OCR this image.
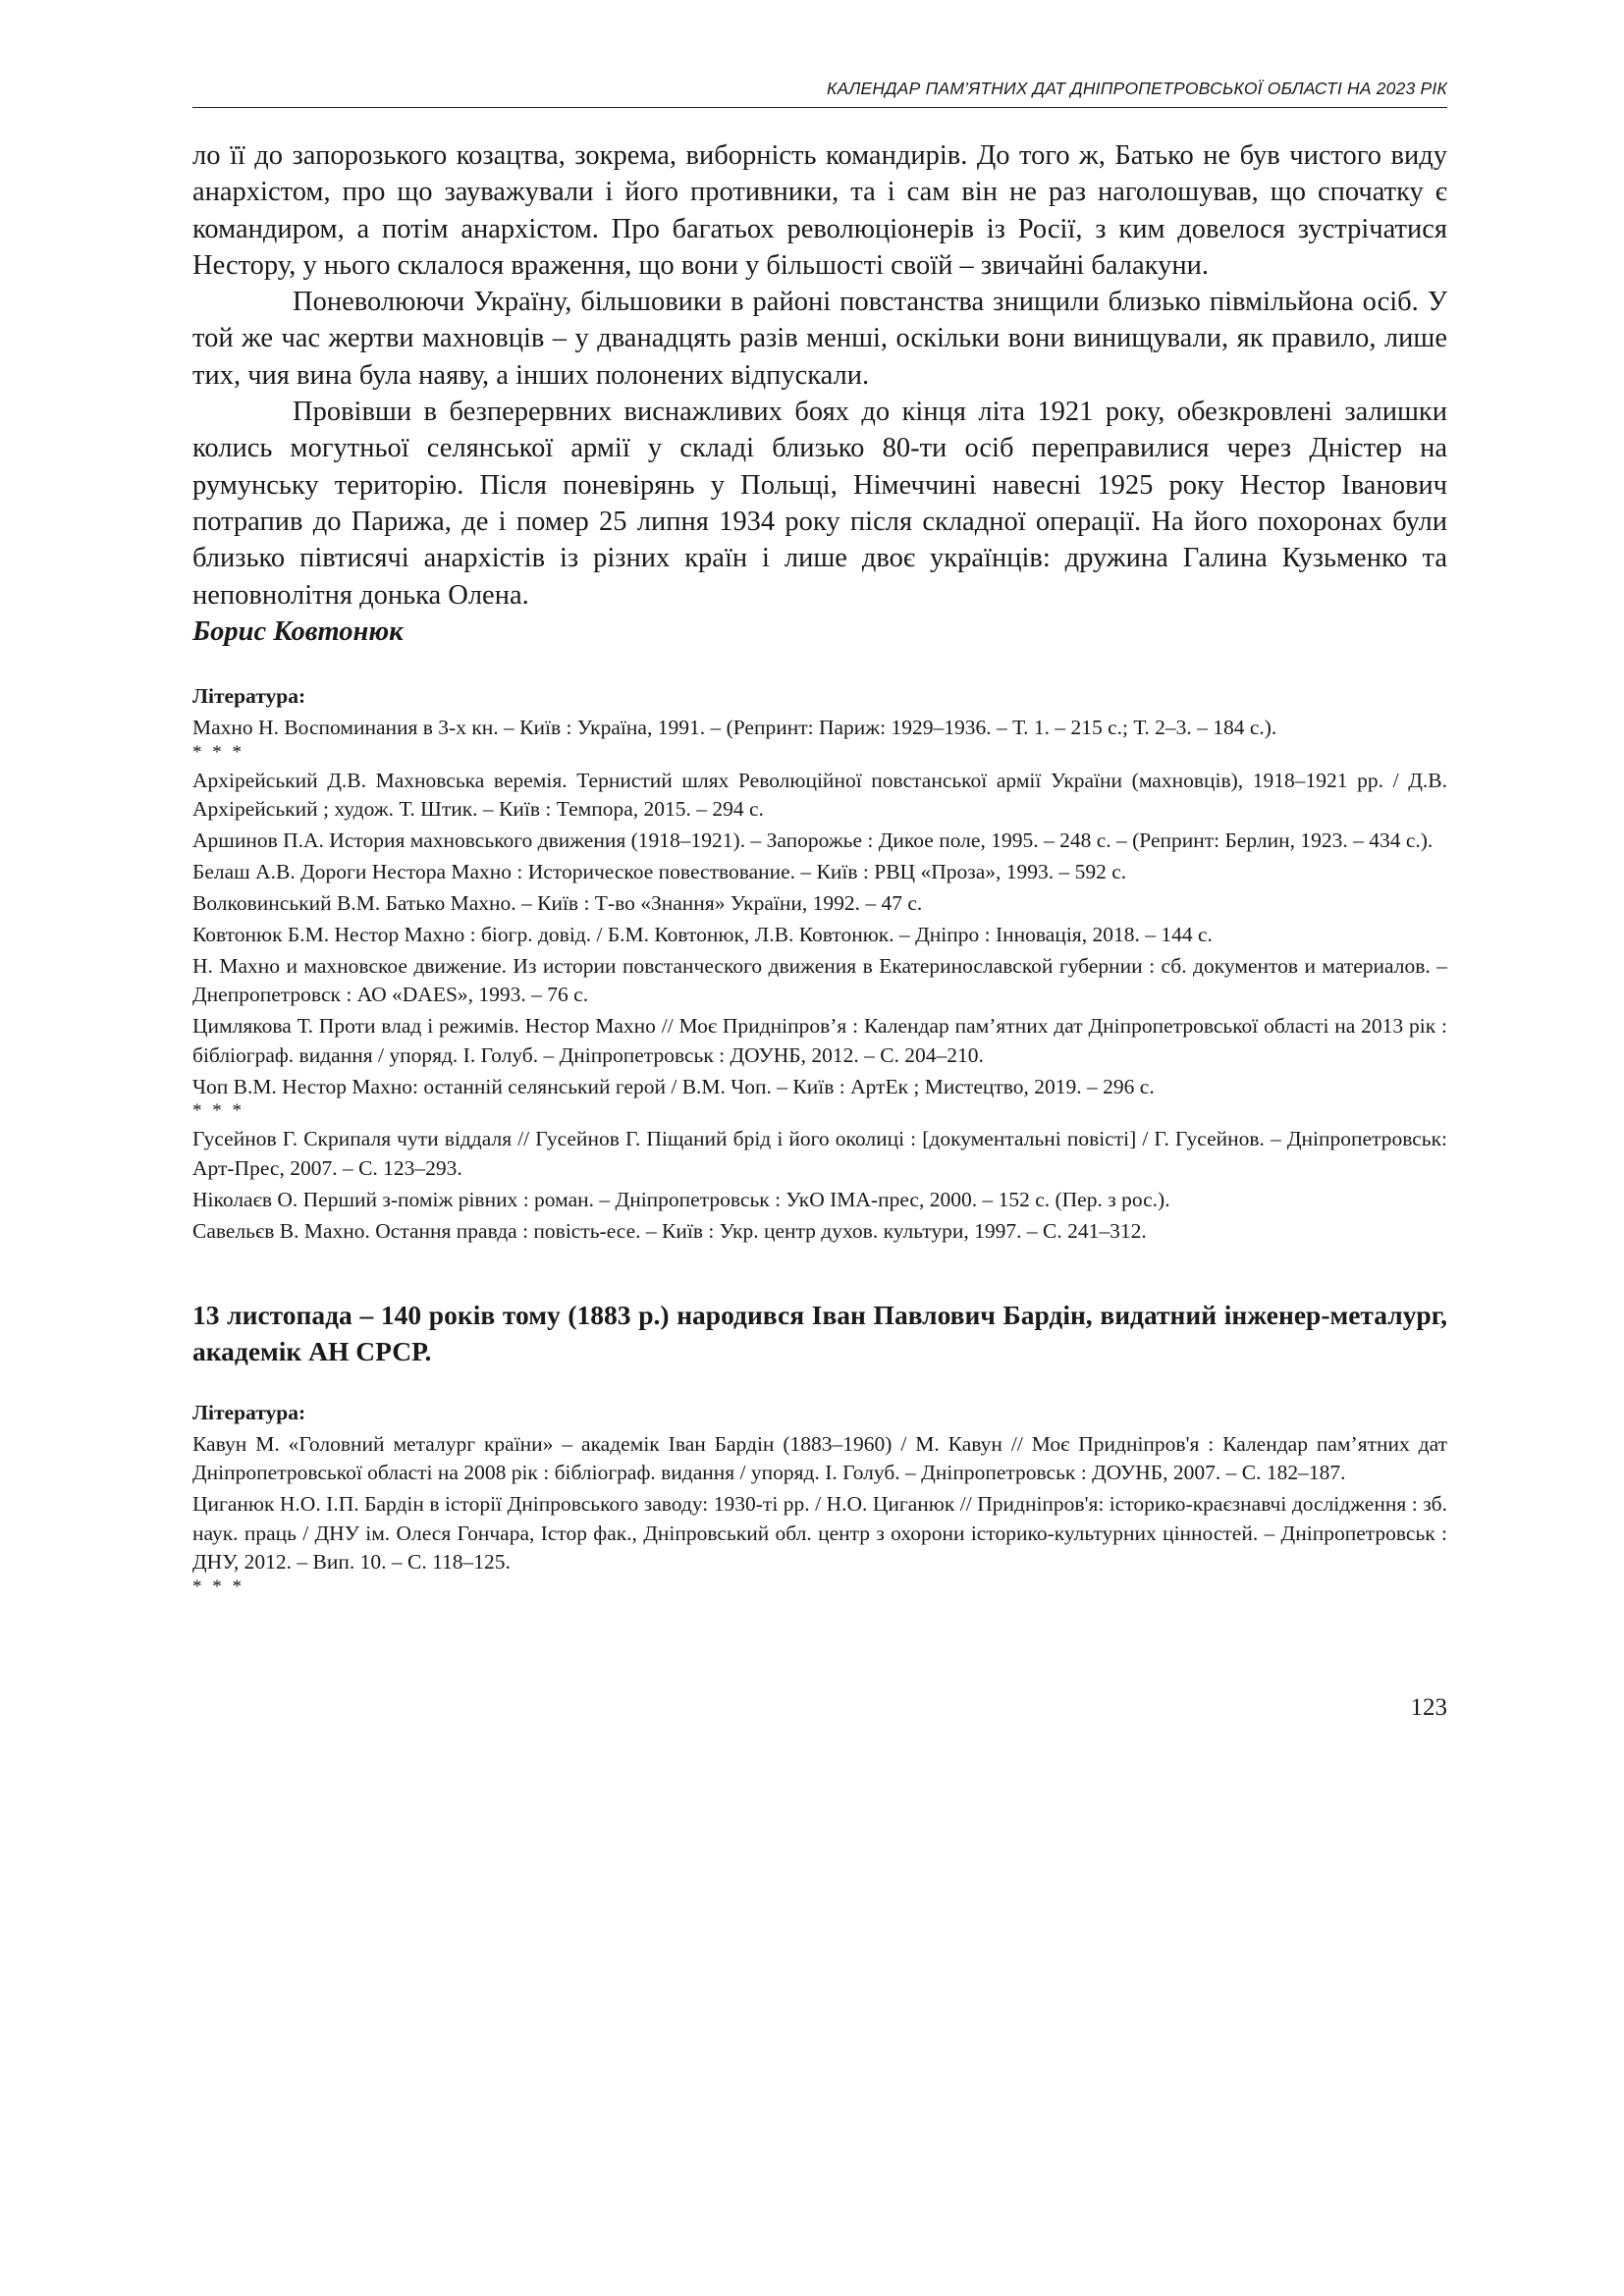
КАЛЕНДАР ПАМ’ЯТНИХ ДАТ ДНІПРОПЕТРОВСЬКОЇ ОБЛАСТІ НА 2023 РІК

ло її до запорозького козацтва, зокрема, виборність командирів. До того ж, Батько не був чистого виду анархістом, про що зауважували і його противники, та і сам він не раз наголошував, що спочатку є командиром, а потім анархістом. Про багатьох революціонерів із Росії, з ким довелося зустрічатися Нестору, у нього склалося враження, що вони у більшості своїй – звичайні балакуни.

Поневолюючи Україну, більшовики в районі повстанства знищили близько півмільйона осіб. У той же час жертви махновців – у дванадцять разів менші, оскільки вони винищували, як правило, лише тих, чия вина була наяву, а інших полонених відпускали.

Провівши в безперервних виснажливих боях до кінця літа 1921 року, обезкровлені залишки колись могутньої селянської армії у складі близько 80-ти осіб переправилися через Дністер на румунську територію. Після поневірянь у Польщі, Німеччині навесні 1925 року Нестор Іванович потрапив до Парижа, де і помер 25 липня 1934 року після складної операції. На його похоронах були близько півтисячі анархістів із різних країн і лише двоє українців: дружина Галина Кузьменко та неповнолітня донька Олена.

Борис Ковтонюк

Література:

Махно Н. Воспоминания в 3-х кн. – Київ : Україна, 1991. – (Репринт: Париж: 1929–1936. – Т. 1. – 215 с.; Т. 2–3. – 184 с.).

* * *

Архірейський Д.В. Махновська веремія. Тернистий шлях Революційної повстанської армії України (махновців), 1918–1921 рр. / Д.В. Архірейський ; худож. Т. Штик. – Київ : Темпора, 2015. – 294 с.

Аршинов П.А. История махновського движения (1918–1921). – Запорожье : Дикое поле, 1995. – 248 с. – (Репринт: Берлин, 1923. – 434 с.).

Белаш А.В. Дороги Нестора Махно : Историческое повествование. – Київ : РВЦ «Проза», 1993. – 592 с.

Волковинський В.М. Батько Махно. – Київ : Т-во «Знання» України, 1992. – 47 с.

Ковтонюк Б.М. Нестор Махно : біогр. довід. / Б.М. Ковтонюк, Л.В. Ковтонюк. – Дніпро : Інновація, 2018. – 144 с.

Н. Махно и махновское движение. Из истории повстанческого движения в Екатеринославской губернии : сб. документов и материалов. – Днепропетровск : АО «DAES», 1993. – 76 с.

Цимлякова Т. Проти влад і режимів. Нестор Махно // Моє Придніпров’я : Календар пам’ятних дат Дніпропетровської області на 2013 рік : бібліограф. видання / упоряд. І. Голуб. – Дніпропетровськ : ДОУНБ, 2012. – С. 204–210.

Чоп В.М. Нестор Махно: останній селянський герой / В.М. Чоп. – Київ : АртЕк ; Мистецтво, 2019. – 296 с.

* * *

Гусейнов Г. Скрипаля чути віддаля // Гусейнов Г. Піщаний брід і його околиці : [документальні повісті] / Г. Гусейнов. – Дніпропетровськ: Арт-Прес, 2007. – С. 123–293.

Ніколаєв О. Перший з-поміж рівних : роман. – Дніпропетровськ : УкО ІМА-прес, 2000. – 152 с. (Пер. з рос.).

Савельєв В. Махно. Остання правда : повість-есе. – Київ : Укр. центр духов. культури, 1997. – С. 241–312.

13 листопада – 140 років тому (1883 р.) народився Іван Павлович Бардін, видатний інженер-металург, академік АН СРСР.

Література:

Кавун М. «Головний металург країни» – академік Іван Бардін (1883–1960) / М. Кавун // Моє Придніпров'я : Календар пам’ятних дат Дніпропетровської області на 2008 рік : бібліограф. видання / упоряд. І. Голуб. – Дніпропетровськ : ДОУНБ, 2007. – С. 182–187.

Циганюк Н.О. І.П. Бардін в історії Дніпровського заводу: 1930-ті рр. / Н.О. Циганюк // Придніпров'я: історико-краєзнавчі дослідження : зб. наук. праць / ДНУ ім. Олеся Гончара, Істор фак., Дніпровський обл. центр з охорони історико-культурних цінностей. – Дніпропетровськ : ДНУ, 2012. – Вип. 10. – С. 118–125.

* * *

123
